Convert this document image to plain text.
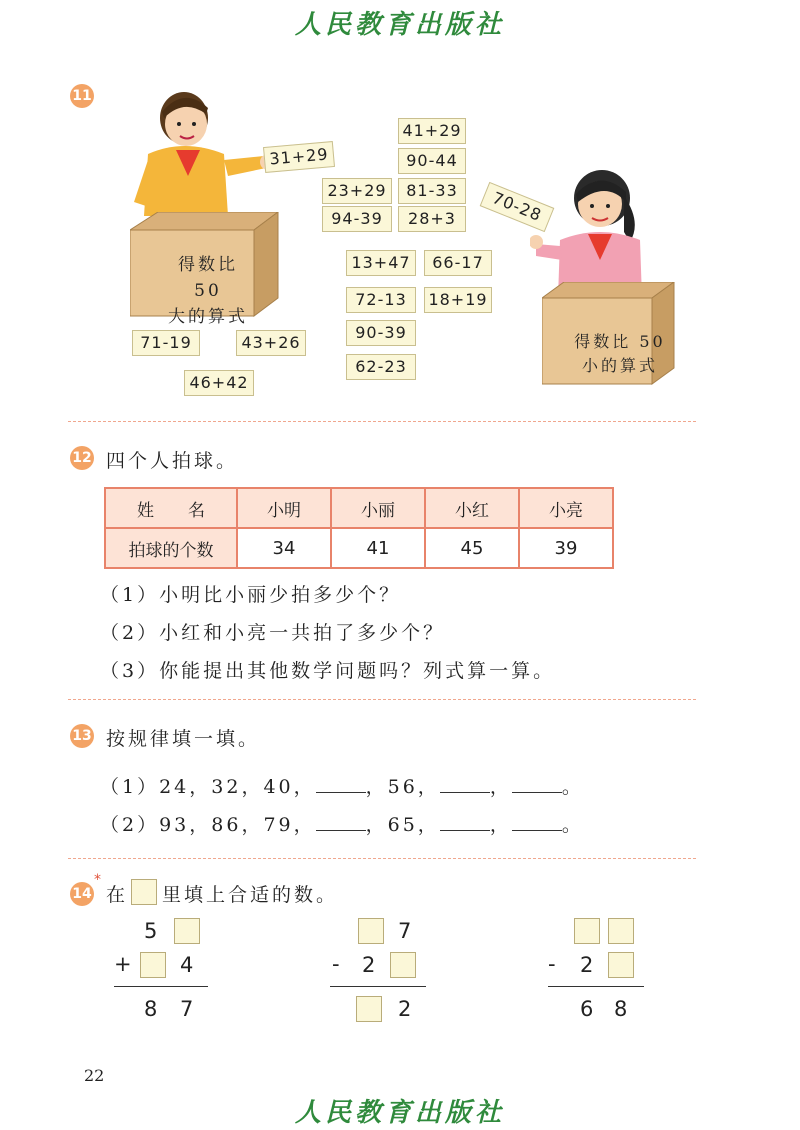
人民教育出版社
11
得数比 50
大的算式
得数比 50
小的算式
31+29
70-28
41+29
90-44
23+29	81-33
94-39	28+3
13+47	66-17
72-13	18+19
90-39
62-23
71-19	43+26
46+42
12 四个人拍球。
姓　　名	小明	小丽	小红	小亮
拍球的个数	34	41	45	39
（1）小明比小丽少拍多少个？
（2）小红和小亮一共拍了多少个？
（3）你能提出其他数学问题吗？列式算一算。
13 按规律填一填。
（1）24，32，40，	，56，	，	。
（2）93，86，79，	，65，	，	。
14
*
在 里填上合适的数。
5
+ 4
8 7
7
- 2
2
- 2
6 8
22
人民教育出版社
